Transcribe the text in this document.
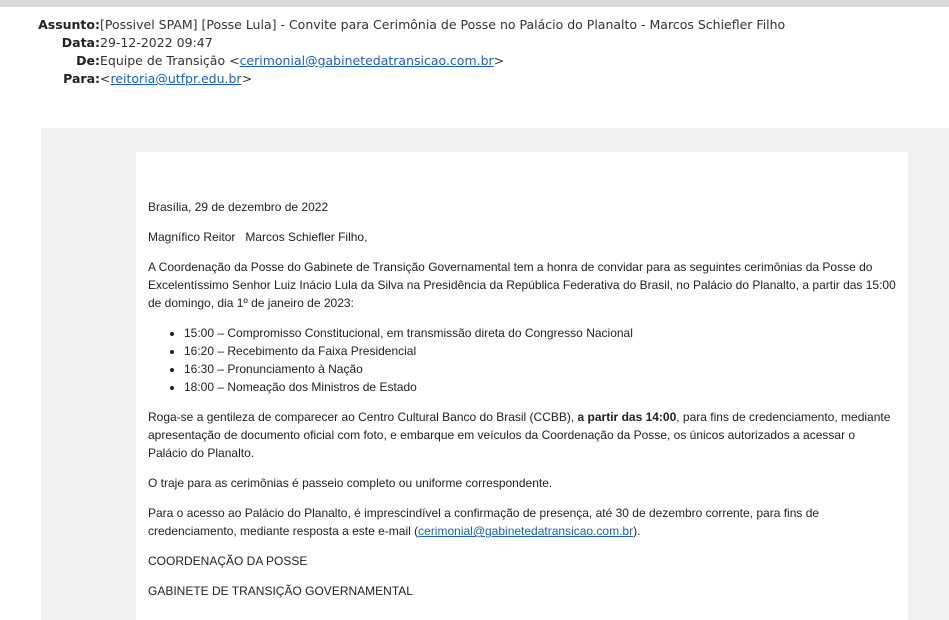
Assunto:[Possivel SPAM] [Posse Lula] - Convite para Cerimônia de Posse no Palácio do Planalto - Marcos Schiefler Filho
Data:29-12-2022 09:47
De:Equipe de Transição <cerimonial@gabinetedatransicao.com.br>
Para:<reitoria@utfpr.edu.br>

Brasília, 29 de dezembro de 2022

Magnífico Reitor   Marcos Schiefler Filho,

A Coordenação da Posse do Gabinete de Transição Governamental tem a honra de convidar para as seguintes cerimônias da Posse do Excelentíssimo Senhor Luiz Inácio Lula da Silva na Presidência da República Federativa do Brasil, no Palácio do Planalto, a partir das 15:00 de domingo, dia 1º de janeiro de 2023:

• 15:00 – Compromisso Constitucional, em transmissão direta do Congresso Nacional
• 16:20 – Recebimento da Faixa Presidencial
• 16:30 – Pronunciamento à Nação
• 18:00 – Nomeação dos Ministros de Estado

Roga-se a gentileza de comparecer ao Centro Cultural Banco do Brasil (CCBB), a partir das 14:00, para fins de credenciamento, mediante apresentação de documento oficial com foto, e embarque em veículos da Coordenação da Posse, os únicos autorizados a acessar o Palácio do Planalto.

O traje para as cerimônias é passeio completo ou uniforme correspondente.

Para o acesso ao Palácio do Planalto, é imprescindível a confirmação de presença, até 30 de dezembro corrente, para fins de credenciamento, mediante resposta a este e-mail (cerimonial@gabinetedatransicao.com.br).

COORDENAÇÃO DA POSSE

GABINETE DE TRANSIÇÃO GOVERNAMENTAL
